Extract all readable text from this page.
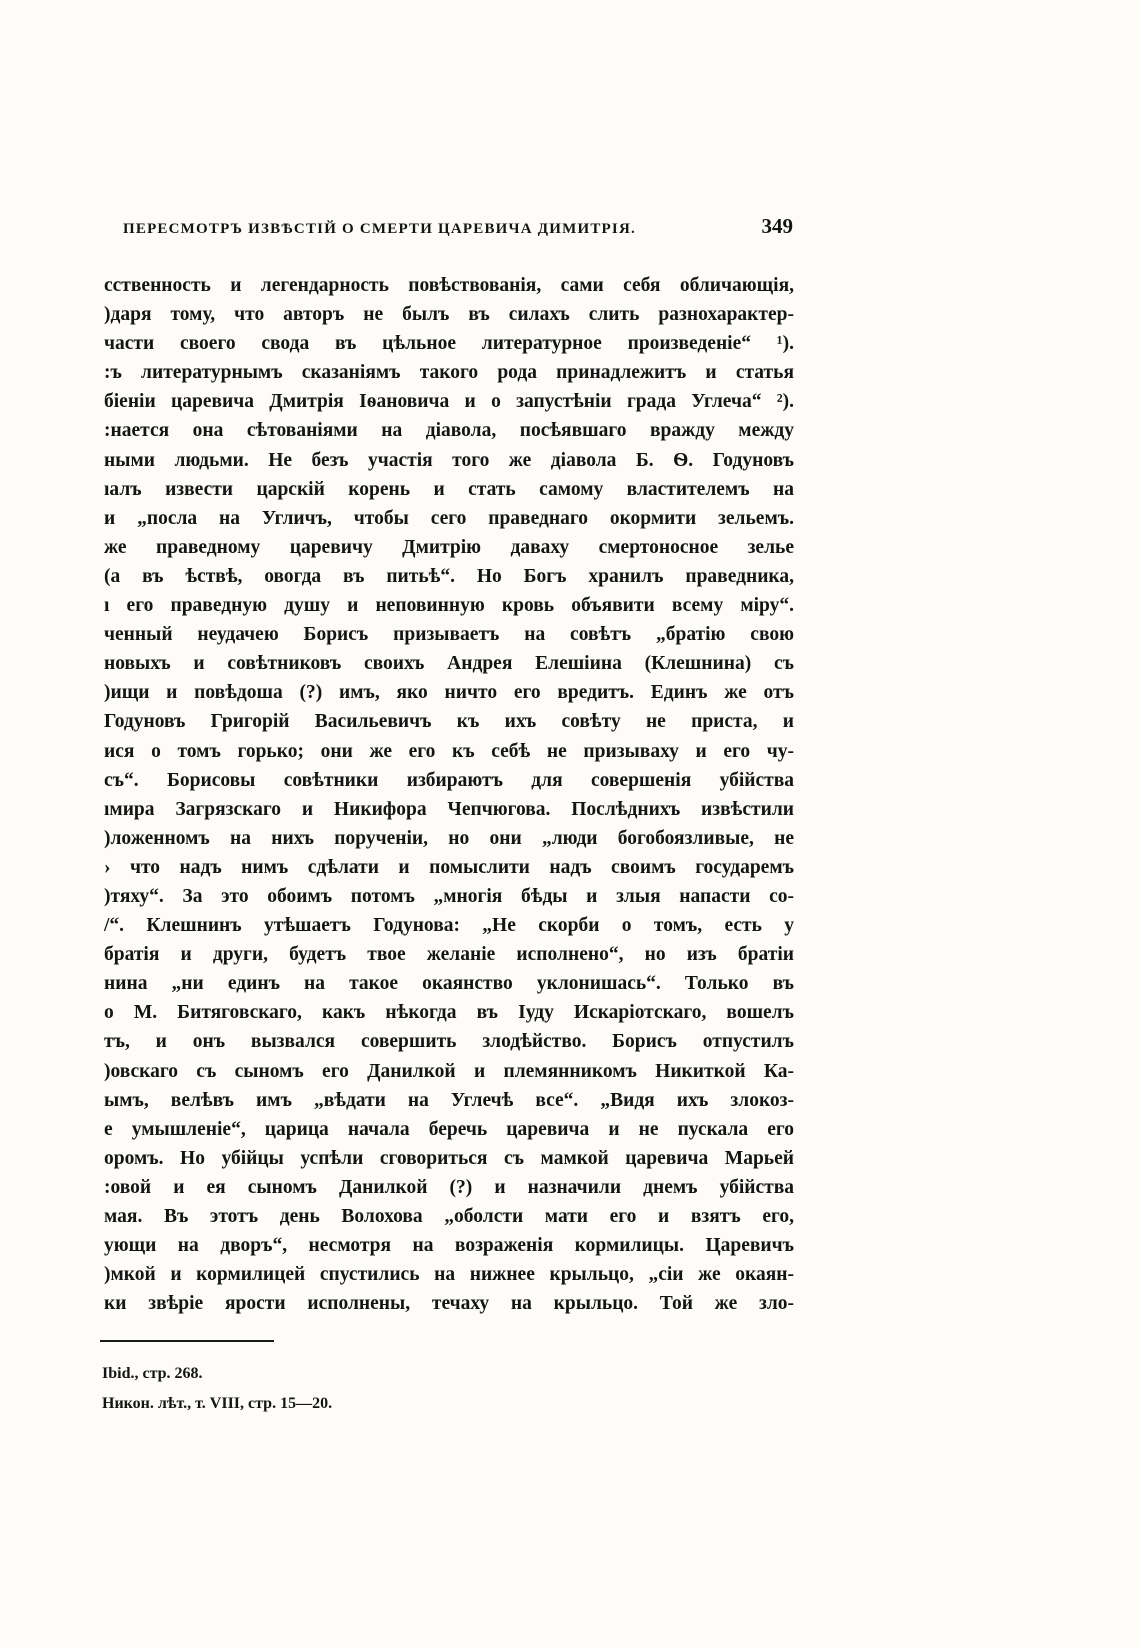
ПЕРЕСМОТРЪ ИЗВѢСТІЙ О СМЕРТИ ЦАРЕВИЧА ДИМИТРІЯ.	349
сственность и легендарность повѣствованія, сами себя обличающія,
)даря тому, что авторъ не былъ въ силахъ слить разнохарактер-
части своего свода въ цѣльное литературное произведеніе“ ¹).
:ъ литературнымъ сказаніямъ такого рода принадлежитъ и статья
біеніи царевича Дмитрія Іѳановича и о запустѣніи града Углеча“ ²).
:нается она сѣтованіями на діавола, посѣявшаго вражду между
ными людьми. Не безъ участія того же діавола Б. Ѳ. Годуновъ
ıалъ извести царскій корень и стать самому властителемъ на
и „посла на Угличъ, чтобы сего праведнаго окормити зельемъ.
же праведному царевичу Дмитрію даваху смертоносное зелье
(а въ ѣствѣ, овогда въ питьѣ“. Но Богъ хранилъ праведника,
ı его праведную душу и неповинную кровь объявити всему міру“.
ченный неудачею Борисъ призываетъ на совѣтъ „братію свою
новыхъ и совѣтниковъ своихъ Андрея Елешіина (Клешнина) съ
)ищи и повѣдоша (?) имъ, яко ничто его вредитъ. Единъ же отъ
Годуновъ Григорій Васильевичъ къ ихъ совѣту не приста, и
ися о томъ горько; они же его къ себѣ не призываху и его чу-
съ“. Борисовы совѣтники избираютъ для совершенія убійства
ıмира Загрязскаго и Никифора Чепчюгова. Послѣднихъ извѣстили
)ложенномъ на нихъ порученіи, но они „люди богобоязливые, не
› что надъ нимъ сдѣлати и помыслити надъ своимъ государемъ
)тяху“. За это обоимъ потомъ „многія бѣды и злыя напасти со-
/“. Клешнинъ утѣшаетъ Годунова: „Не скорби о томъ, есть у
братія и други, будетъ твое желаніе исполнено“, но изъ братіи
нина „ни единъ на такое окаянство уклонишась“. Только въ
о М. Битяговскаго, какъ нѣкогда въ Іуду Искаріотскаго, вошелъ
тъ, и онъ вызвался совершить злодѣйство. Борисъ отпустилъ
)овскаго съ сыномъ его Данилкой и племянникомъ Никиткой Ка-
ымъ, велѣвъ имъ „вѣдати на Углечѣ все“. „Видя ихъ злокоз-
е умышленіе“, царица начала беречь царевича и не пускала его
оромъ. Но убійцы успѣли сговориться съ мамкой царевича Марьей
:овой и ея сыномъ Данилкой (?) и назначили днемъ убійства
мая. Въ этотъ день Волохова „оболсти мати его и взятъ его,
ующи на дворъ“, несмотря на возраженія кормилицы. Царевичъ
)мкой и кормилицей спустились на нижнее крыльцо, „сіи же окаян-
ки звѣріе ярости исполнены, течаху на крыльцо. Той же зло-
Ibid., стр. 268.
Никон. лѣт., т. VIII, стр. 15—20.
